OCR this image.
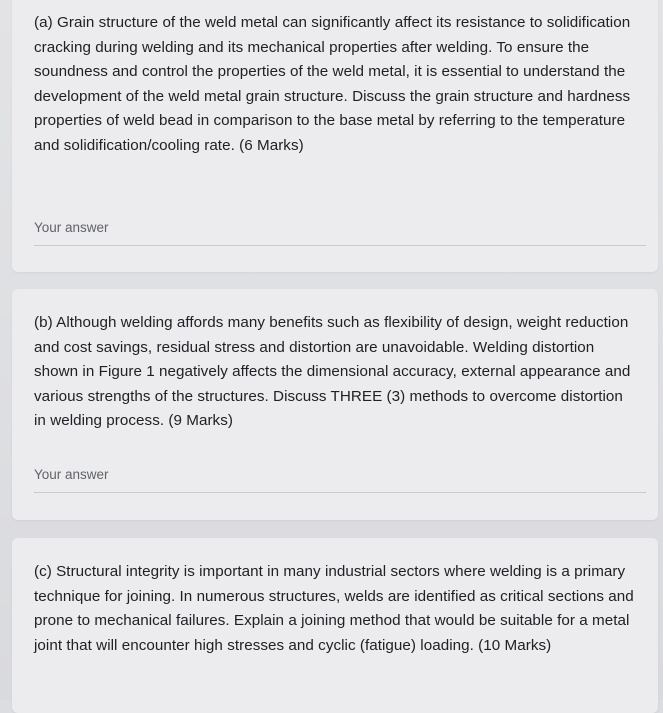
(a) Grain structure of the weld metal can significantly affect its resistance to solidification cracking during welding and its mechanical properties after welding. To ensure the soundness and control the properties of the weld metal, it is essential to understand the development of the weld metal grain structure. Discuss the grain structure and hardness properties of weld bead in comparison to the base metal by referring to the temperature and solidification/cooling rate. (6 Marks)

Your answer

(b) Although welding affords many benefits such as flexibility of design, weight reduction and cost savings, residual stress and distortion are unavoidable. Welding distortion shown in Figure 1 negatively affects the dimensional accuracy, external appearance and various strengths of the structures. Discuss THREE (3) methods to overcome distortion in welding process. (9 Marks)

Your answer

(c) Structural integrity is important in many industrial sectors where welding is a primary technique for joining. In numerous structures, welds are identified as critical sections and prone to mechanical failures. Explain a joining method that would be suitable for a metal joint that will encounter high stresses and cyclic (fatigue) loading. (10 Marks)
